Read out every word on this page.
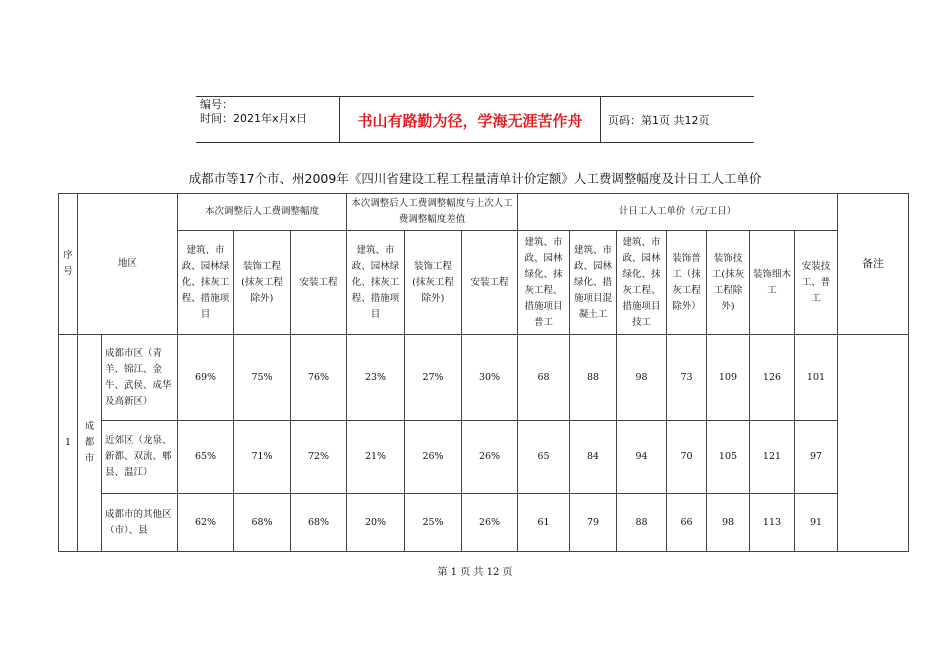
编号：
时间：2021年x月x日	书山有路勤为径，学海无涯苦作舟	页码：第1页 共12页
成都市等17个市、州2009年《四川省建设工程工程量清单计价定额》人工费调整幅度及计日工人工单价
序号	地区		本次调整后人工费调整幅度			本次调整后人工费调整幅度与上次人工费调整幅度差值			计日工人工单价（元/工日）							备注
			建筑、市政、园林绿化、抹灰工程、措施项目	装饰工程(抹灰工程除外)	安装工程	建筑、市政、园林绿化、抹灰工程、措施项目	装饰工程(抹灰工程除外)	安装工程	建筑、市政、园林绿化、抹灰工程、措施项目普工	建筑、市政、园林绿化、措施项目混凝土工	建筑、市政、园林绿化、抹灰工程、措施项目技工	装饰普工（抹灰工程除外）	装饰技工(抹灰工程除外)	装饰细木工	安装技工、普工	
1	成都市	成都市区（青羊、锦江、金牛、武侯、成华及高新区）	69%	75%	76%	23%	27%	30%	68	88	98	73	109	126	101	
		近郊区（龙泉、新都、双流、郫县、温江）	65%	71%	72%	21%	26%	26%	65	84	94	70	105	121	97	
		成都市的其他区（市）、县	62%	68%	68%	20%	25%	26%	61	79	88	66	98	113	91	
第 1 页 共 12 页
